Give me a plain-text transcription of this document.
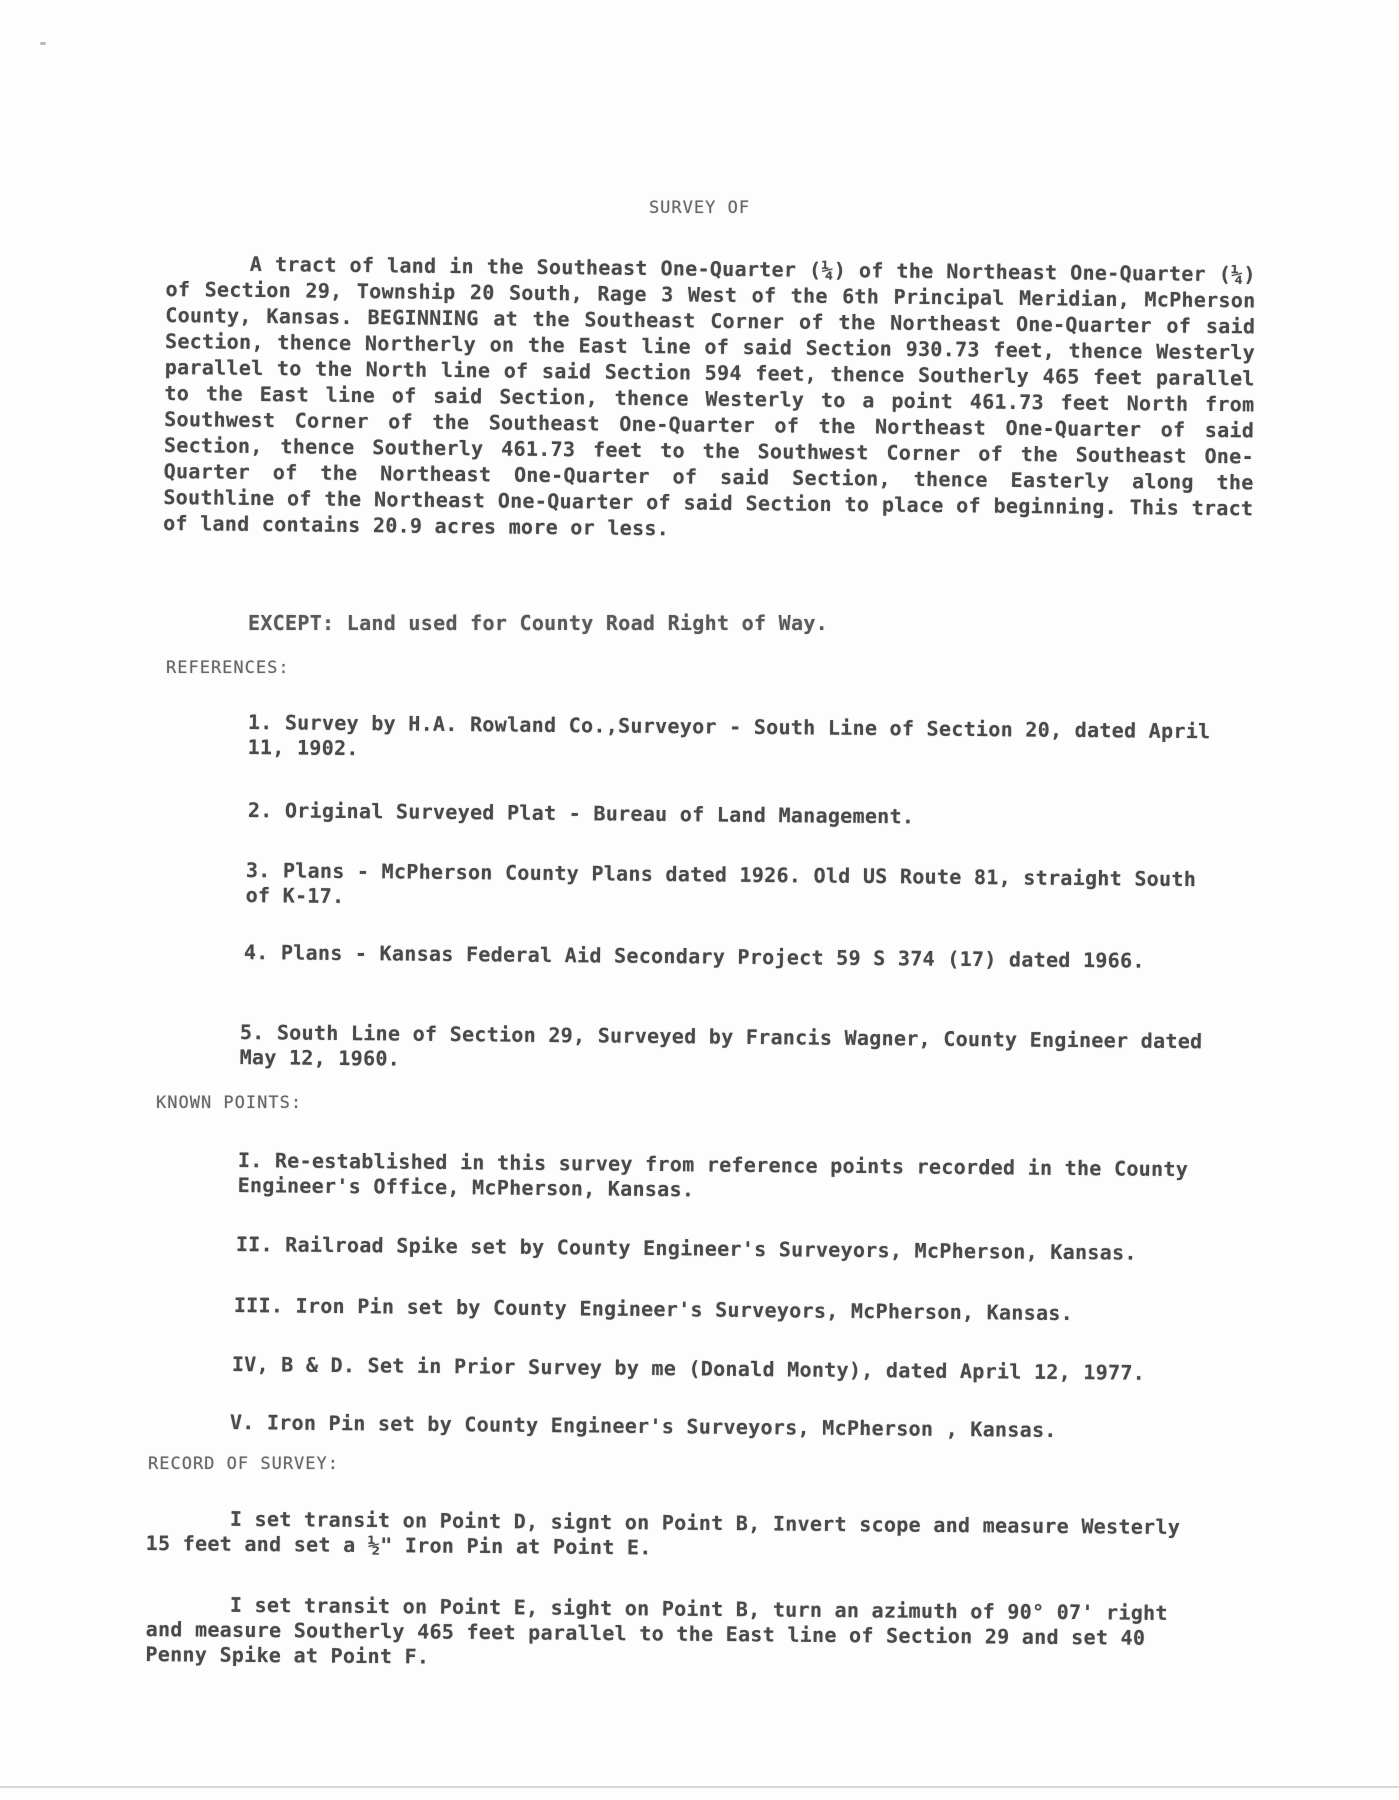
SURVEY OF

A tract of land in the Southeast One-Quarter (¼) of the Northeast One-Quarter (¼) of Section 29, Township 20 South, Rage 3 West of the 6th Principal Meridian, McPherson County, Kansas. BEGINNING at the Southeast Corner of the Northeast One-Quarter of said Section, thence Northerly on the East line of said Section 930.73 feet, thence Westerly parallel to the North line of said Section 594 feet, thence Southerly 465 feet parallel to the East line of said Section, thence Westerly to a point 461.73 feet North from Southwest Corner of the Southeast One-Quarter of the Northeast One-Quarter of said Section, thence Southerly 461.73 feet to the Southwest Corner of the Southeast One-Quarter of the Northeast One-Quarter of said Section, thence Easterly along the Southline of the Northeast One-Quarter of said Section to place of beginning. This tract of land contains 20.9 acres more or less.

EXCEPT: Land used for County Road Right of Way.

REFERENCES:

1. Survey by H.A. Rowland Co.,Surveyor - South Line of Section 20, dated April 11, 1902.

2. Original Surveyed Plat - Bureau of Land Management.

3. Plans - McPherson County Plans dated 1926. Old US Route 81, straight South of K-17.

4. Plans - Kansas Federal Aid Secondary Project 59 S 374 (17) dated 1966.

5. South Line of Section 29, Surveyed by Francis Wagner, County Engineer dated May 12, 1960.

KNOWN POINTS:

I. Re-established in this survey from reference points recorded in the County Engineer's Office, McPherson, Kansas.

II. Railroad Spike set by County Engineer's Surveyors, McPherson, Kansas.

III. Iron Pin set by County Engineer's Surveyors, McPherson, Kansas.

IV, B & D. Set in Prior Survey by me (Donald Monty), dated April 12, 1977.

V. Iron Pin set by County Engineer's Surveyors, McPherson , Kansas.

RECORD OF SURVEY:

I set transit on Point D, signt on Point B, Invert scope and measure Westerly 15 feet and set a ½" Iron Pin at Point E.

I set transit on Point E, sight on Point B, turn an azimuth of 90° 07' right and measure Southerly 465 feet parallel to the East line of Section 29 and set 40 Penny Spike at Point F.
